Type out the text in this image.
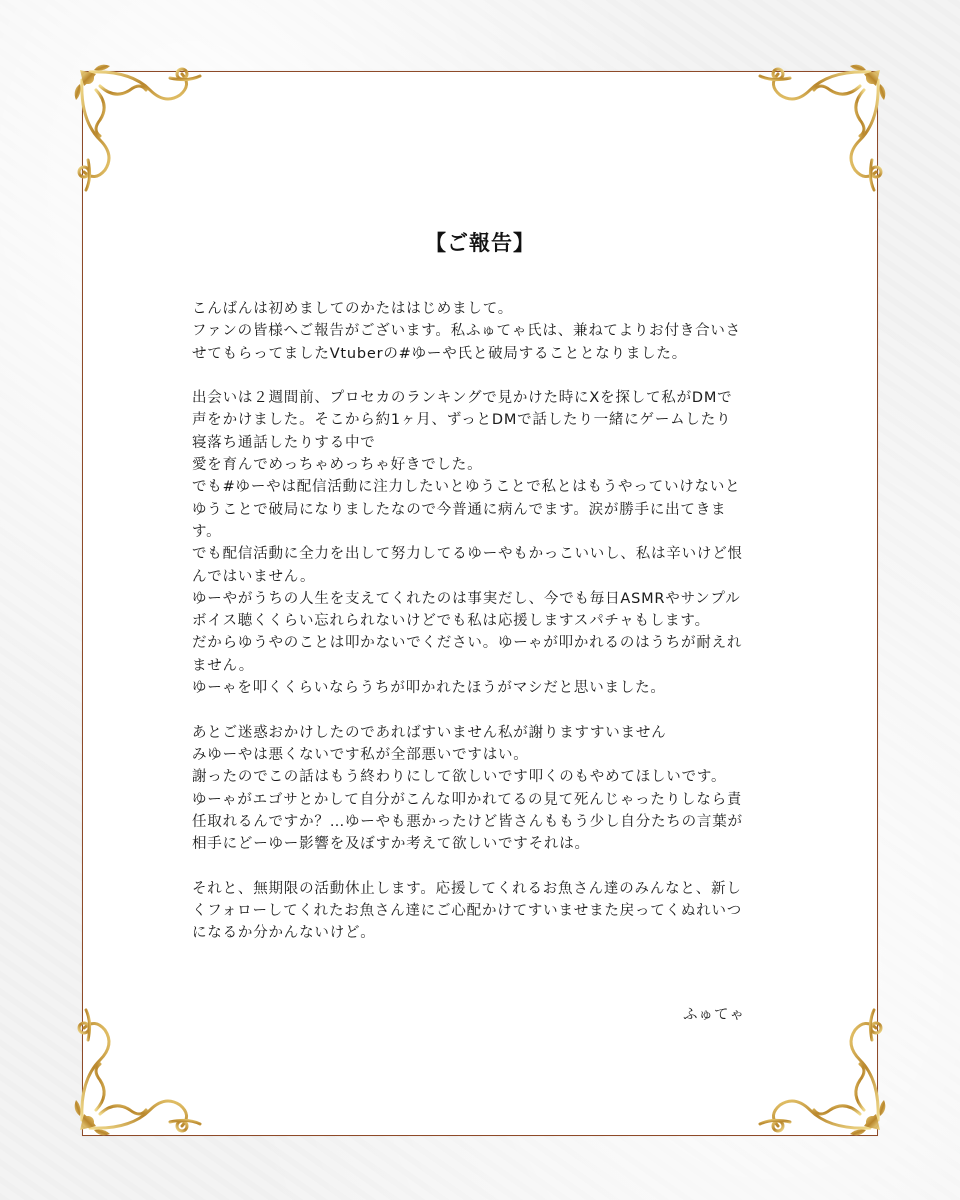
【ご報告】
こんばんは初めましてのかたははじめまして。
ファンの皆様へご報告がございます。私ふゅてゃ氏は、兼ねてよりお付き合いさ
せてもらってましたVtuberの#ゆーや氏と破局することとなりました。
出会いは２週間前、プロセカのランキングで見かけた時にXを探して私がDMで
声をかけました。そこから約1ヶ月、ずっとDMで話したり一緒にゲームしたり
寝落ち通話したりする中で
愛を育んでめっちゃめっちゃ好きでした。
でも#ゆーやは配信活動に注力したいとゆうことで私とはもうやっていけないと
ゆうことで破局になりましたなので今普通に病んでます。涙が勝手に出てきま
す。
でも配信活動に全力を出して努力してるゆーやもかっこいいし、私は辛いけど恨
んではいません。
ゆーやがうちの人生を支えてくれたのは事実だし、今でも毎日ASMRやサンプル
ボイス聴くくらい忘れられないけどでも私は応援しますスパチャもします。
だからゆうやのことは叩かないでください。ゆーゃが叩かれるのはうちが耐えれ
ません。
ゆーゃを叩くくらいならうちが叩かれたほうがマシだと思いました。
あとご迷惑おかけしたのであればすいません私が謝りますすいません
みゆーやは悪くないです私が全部悪いですはい。
謝ったのでこの話はもう終わりにして欲しいです叩くのもやめてほしいです。
ゆーゃがエゴサとかして自分がこんな叩かれてるの見て死んじゃったりしなら責
任取れるんですか？…ゆーやも悪かったけど皆さんももう少し自分たちの言葉が
相手にどーゆー影響を及ぼすか考えて欲しいですそれは。
それと、無期限の活動休止します。応援してくれるお魚さん達のみんなと、新し
くフォローしてくれたお魚さん達にご心配かけてすいませまた戻ってくぬれいつ
になるか分かんないけど。
ふゅてゃ
